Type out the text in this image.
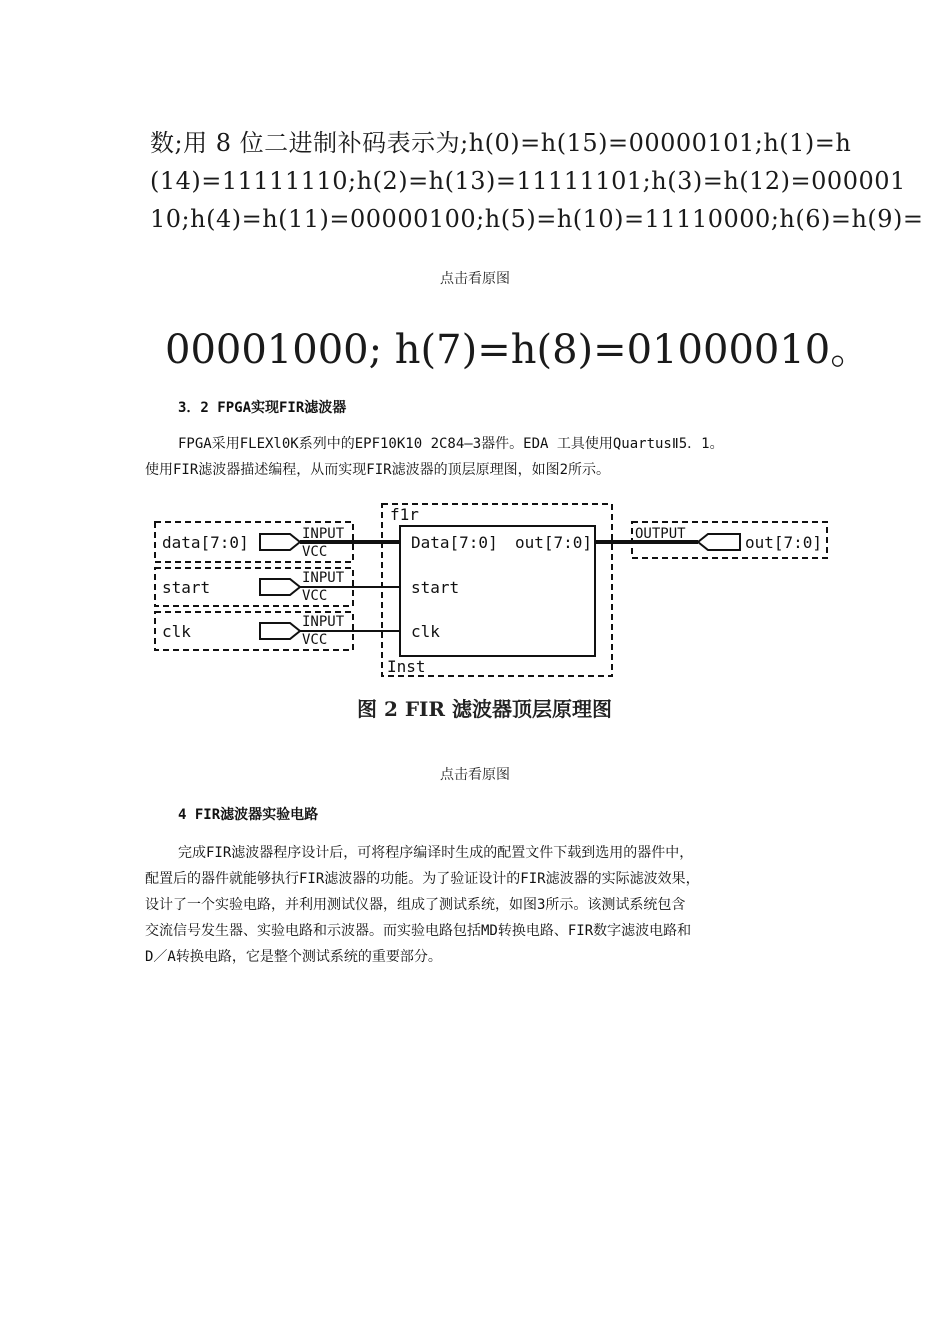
数;用 8 位二进制补码表示为;h(0)=h(15)=00000101;h(1)=h
(14)=11111110;h(2)=h(13)=11111101;h(3)=h(12)=000001
10;h(4)=h(11)=00000100;h(5)=h(10)=11110000;h(6)=h(9)=
点击看原图
00001000; h(7)=h(8)=01000010。
3．2 FPGA实现FIR滤波器

FPGA采用FLEXl0K系列中的EPF10K10 2C84—3器件。EDA 工具使用QuartusⅡ5．1。

使用FIR滤波器描述编程，从而实现FIR滤波器的顶层原理图，如图2所示。

data[7:0]
start
clk
out[7:0]
INPUT
VCC
INPUT
VCC
INPUT
VCC
OUTPUT
f1r
Inst
Data[7:0]
start
clk
out[7:0]
图 2 FIR 滤波器顶层原理图
点击看原图
4 FIR滤波器实验电路

完成FIR滤波器程序设计后，可将程序编译时生成的配置文件下载到选用的器件中，

配置后的器件就能够执行FIR滤波器的功能。为了验证设计的FIR滤波器的实际滤波效果，

设计了一个实验电路，并利用测试仪器，组成了测试系统，如图3所示。该测试系统包含

交流信号发生器、实验电路和示波器。而实验电路包括MD转换电路、FIR数字滤波电路和

D／A转换电路，它是整个测试系统的重要部分。
